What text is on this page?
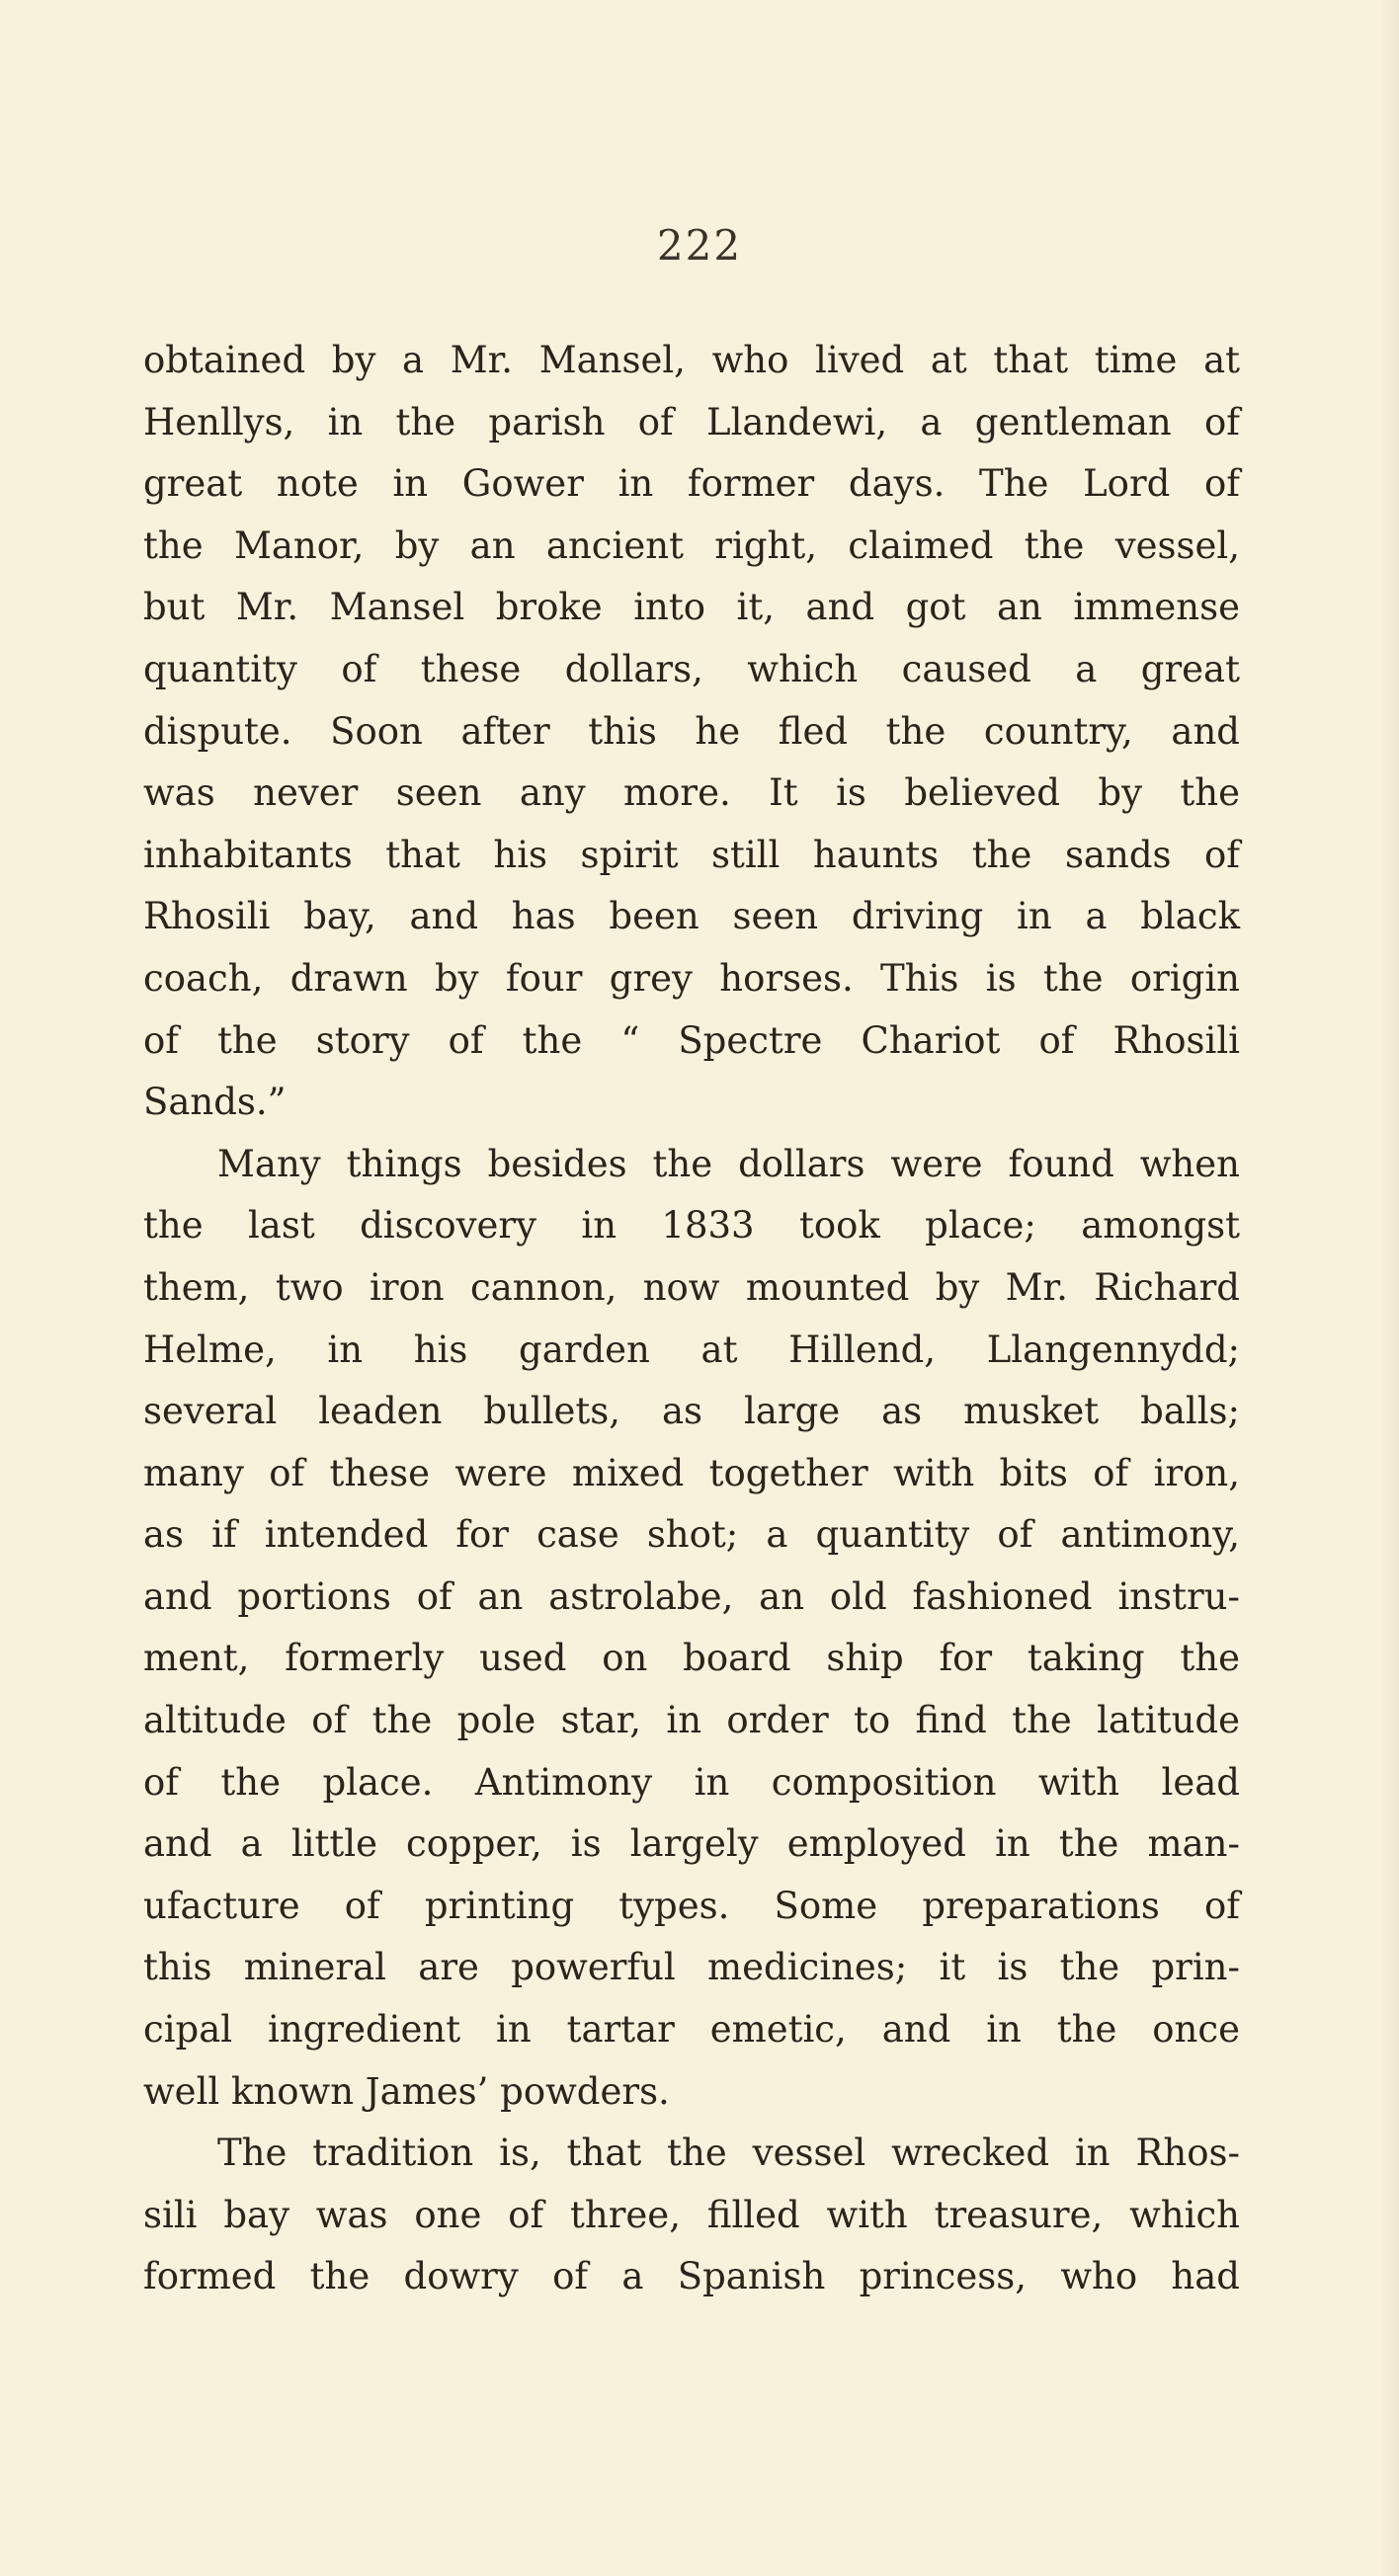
222
obtained by a Mr. Mansel, who lived at that time at
Henllys, in the parish of Llandewi, a gentleman of
great note in Gower in former days. The Lord of
the Manor, by an ancient right, claimed the vessel,
but Mr. Mansel broke into it, and got an immense
quantity of these dollars, which caused a great
dispute. Soon after this he fled the country, and
was never seen any more. It is believed by the
inhabitants that his spirit still haunts the sands of
Rhosili bay, and has been seen driving in a black
coach, drawn by four grey horses. This is the origin
of the story of the “ Spectre Chariot of Rhosili
Sands.”
Many things besides the dollars were found when
the last discovery in 1833 took place; amongst
them, two iron cannon, now mounted by Mr. Richard
Helme, in his garden at Hillend, Llangennydd;
several leaden bullets, as large as musket balls;
many of these were mixed together with bits of iron,
as if intended for case shot; a quantity of antimony,
and portions of an astrolabe, an old fashioned instru-
ment, formerly used on board ship for taking the
altitude of the pole star, in order to find the latitude
of the place. Antimony in composition with lead
and a little copper, is largely employed in the man-
ufacture of printing types. Some preparations of
this mineral are powerful medicines; it is the prin-
cipal ingredient in tartar emetic, and in the once
well known James’ powders.
The tradition is, that the vessel wrecked in Rhos-
sili bay was one of three, filled with treasure, which
formed the dowry of a Spanish princess, who had
